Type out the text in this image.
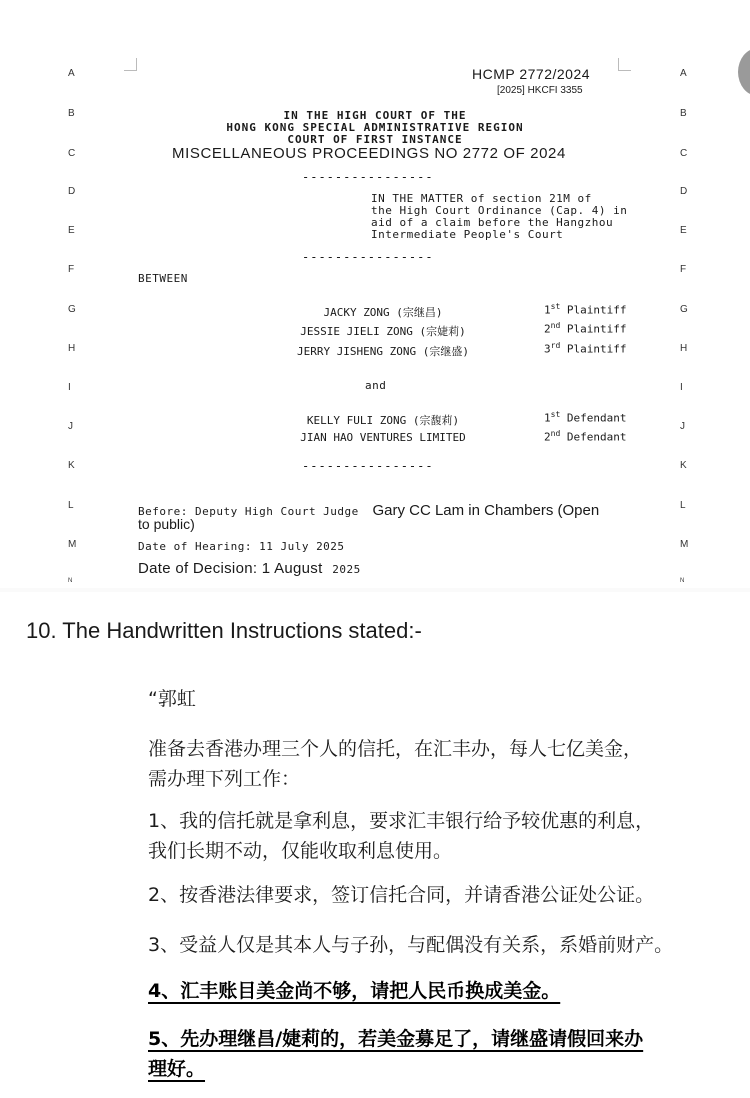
A
B
C
D
E
F
G
H
I
J
K
L
M
N
A
B
C
D
E
F
G
H
I
J
K
L
M
N
HCMP 2772/2024
[2025] HKCFI 3355
IN THE HIGH COURT OF THE
HONG KONG SPECIAL ADMINISTRATIVE REGION
COURT OF FIRST INSTANCE
MISCELLANEOUS PROCEEDINGS NO 2772 OF 2024
----------------
IN THE MATTER of section 21M of
the High Court Ordinance (Cap. 4) in
aid of a claim before the Hangzhou
Intermediate People's Court
----------------
BETWEEN
JACKY ZONG (宗继昌)	1st Plaintiff
JESSIE JIELI ZONG (宗婕莉)	2nd Plaintiff
JERRY JISHENG ZONG (宗继盛)	3rd Plaintiff
and
KELLY FULI ZONG (宗馥莉)	1st Defendant
JIAN HAO VENTURES LIMITED	2nd Defendant
----------------
Before: Deputy High Court Judge Gary CC Lam in Chambers (Open
to public)
Date of Hearing: 11 July 2025
Date of Decision: 1 August 2025
10. The Handwritten Instructions stated:-
“郭虹
准备去香港办理三个人的信托，在汇丰办，每人七亿美金，
需办理下列工作：
1、我的信托就是拿利息，要求汇丰银行给予较优惠的利息，
我们长期不动，仅能收取利息使用。
2、按香港法律要求，签订信托合同，并请香港公证处公证。
3、受益人仅是其本人与子孙，与配偶没有关系，系婚前财产。
4、汇丰账目美金尚不够，请把人民币换成美金。
5、先办理继昌/婕莉的，若美金募足了，请继盛请假回来办
理好。
